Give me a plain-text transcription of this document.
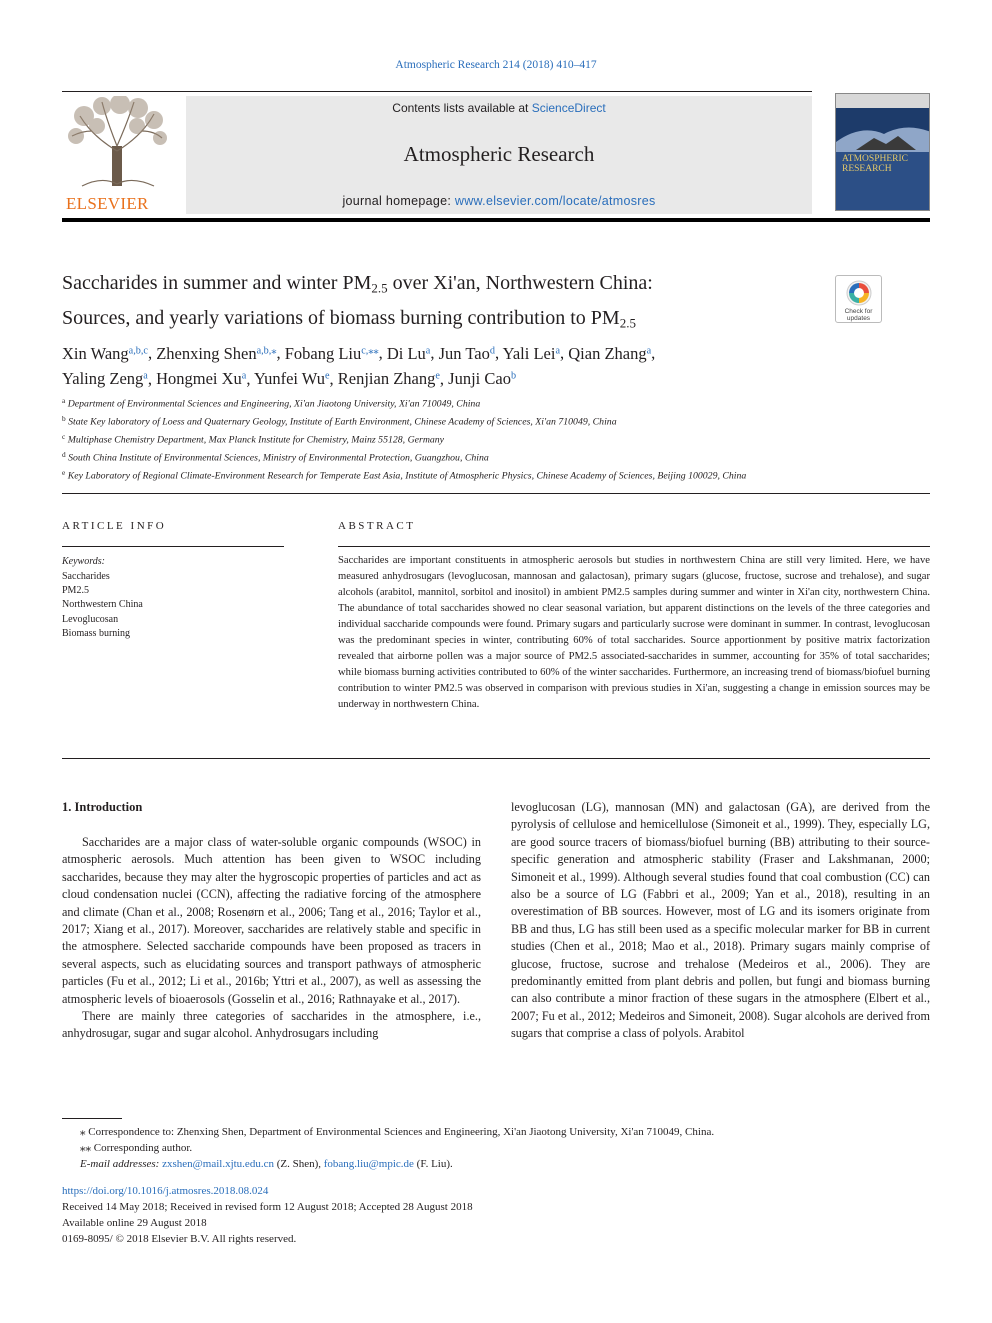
Atmospheric Research 214 (2018) 410–417
ELSEVIER
Contents lists available at ScienceDirect
Atmospheric Research
journal homepage: www.elsevier.com/locate/atmosres
ATMOSPHERIC RESEARCH
Saccharides in summer and winter $PM_{2.5}$ over Xi'an, Northwestern China:
Sources, and yearly variations of biomass burning contribution to $PM_{2.5}$
Check for
updates
Xin Wang$^{a,b,c}$, Zhenxing Shen$^{a,b,⁎}$, Fobang Liu$^{c,⁎⁎}$, Di Lu$^a$, Jun Tao$^d$, Yali Lei$^a$, Qian Zhang$^a$,
Yaling Zeng$^a$, Hongmei Xu$^a$, Yunfei Wu$^e$, Renjian Zhang$^e$, Junji Cao$^b$
$^a$ Department of Environmental Sciences and Engineering, Xi'an Jiaotong University, Xi'an 710049, China
$^b$ State Key laboratory of Loess and Quaternary Geology, Institute of Earth Environment, Chinese Academy of Sciences, Xi'an 710049, China
$^c$ Multiphase Chemistry Department, Max Planck Institute for Chemistry, Mainz 55128, Germany
$^d$ South China Institute of Environmental Sciences, Ministry of Environmental Protection, Guangzhou, China
$^e$ Key Laboratory of Regional Climate-Environment Research for Temperate East Asia, Institute of Atmospheric Physics, Chinese Academy of Sciences, Beijing 100029, China
ARTICLE INFO
Keywords:
Saccharides
PM2.5
Northwestern China
Levoglucosan
Biomass burning
ABSTRACT
Saccharides are important constituents in atmospheric aerosols but studies in northwestern China are still very limited. Here, we have measured anhydrosugars (levoglucosan, mannosan and galactosan), primary sugars (glucose, fructose, sucrose and trehalose), and sugar alcohols (arabitol, mannitol, sorbitol and inositol) in ambient PM2.5 samples during summer and winter in Xi'an city, northwestern China. The abundance of total saccharides showed no clear seasonal variation, but apparent distinctions on the levels of the three categories and individual saccharide compounds were found. Primary sugars and particularly sucrose were dominant in summer. In contrast, levoglucosan was the predominant species in winter, contributing 60% of total saccharides. Source apportionment by positive matrix factorization revealed that airborne pollen was a major source of PM2.5 associated-saccharides in summer, accounting for 35% of total saccharides; while biomass burning activities contributed to 60% of the winter saccharides. Furthermore, an increasing trend of biomass/biofuel burning contribution to winter PM2.5 was observed in comparison with previous studies in Xi'an, suggesting a change in emission sources may be underway in northwestern China.
1. Introduction

Saccharides are a major class of water-soluble organic compounds (WSOC) in atmospheric aerosols. Much attention has been given to WSOC including saccharides, because they may alter the hygroscopic properties of particles and act as cloud condensation nuclei (CCN), affecting the radiative forcing of the atmosphere and climate (Chan et al., 2008; Rosenørn et al., 2006; Tang et al., 2016; Taylor et al., 2017; Xiang et al., 2017). Moreover, saccharides are relatively stable and specific in the atmosphere. Selected saccharide compounds have been proposed as tracers in several aspects, such as elucidating sources and transport pathways of atmospheric particles (Fu et al., 2012; Li et al., 2016b; Yttri et al., 2007), as well as assessing the atmospheric levels of bioaerosols (Gosselin et al., 2016; Rathnayake et al., 2017).

There are mainly three categories of saccharides in the atmosphere, i.e., anhydrosugar, sugar and sugar alcohol. Anhydrosugars including

levoglucosan (LG), mannosan (MN) and galactosan (GA), are derived from the pyrolysis of cellulose and hemicellulose (Simoneit et al., 1999). They, especially LG, are good source tracers of biomass/biofuel burning (BB) attributing to their source-specific generation and atmospheric stability (Fraser and Lakshmanan, 2000; Simoneit et al., 1999). Although several studies found that coal combustion (CC) can also be a source of LG (Fabbri et al., 2009; Yan et al., 2018), resulting in an overestimation of BB sources. However, most of LG and its isomers originate from BB and thus, LG has still been used as a specific molecular marker for BB in current studies (Chen et al., 2018; Mao et al., 2018). Primary sugars mainly comprise of glucose, fructose, sucrose and trehalose (Medeiros et al., 2006). They are predominantly emitted from plant debris and pollen, but fungi and biomass burning can also contribute a minor fraction of these sugars in the atmosphere (Elbert et al., 2007; Fu et al., 2012; Medeiros and Simoneit, 2008). Sugar alcohols are derived from sugars that comprise a class of polyols. Arabitol

⁎ Correspondence to: Zhenxing Shen, Department of Environmental Sciences and Engineering, Xi'an Jiaotong University, Xi'an 710049, China.
⁎⁎ Corresponding author.
E-mail addresses: zxshen@mail.xjtu.edu.cn (Z. Shen), fobang.liu@mpic.de (F. Liu).
https://doi.org/10.1016/j.atmosres.2018.08.024
Received 14 May 2018; Received in revised form 12 August 2018; Accepted 28 August 2018
Available online 29 August 2018
0169-8095/ © 2018 Elsevier B.V. All rights reserved.
